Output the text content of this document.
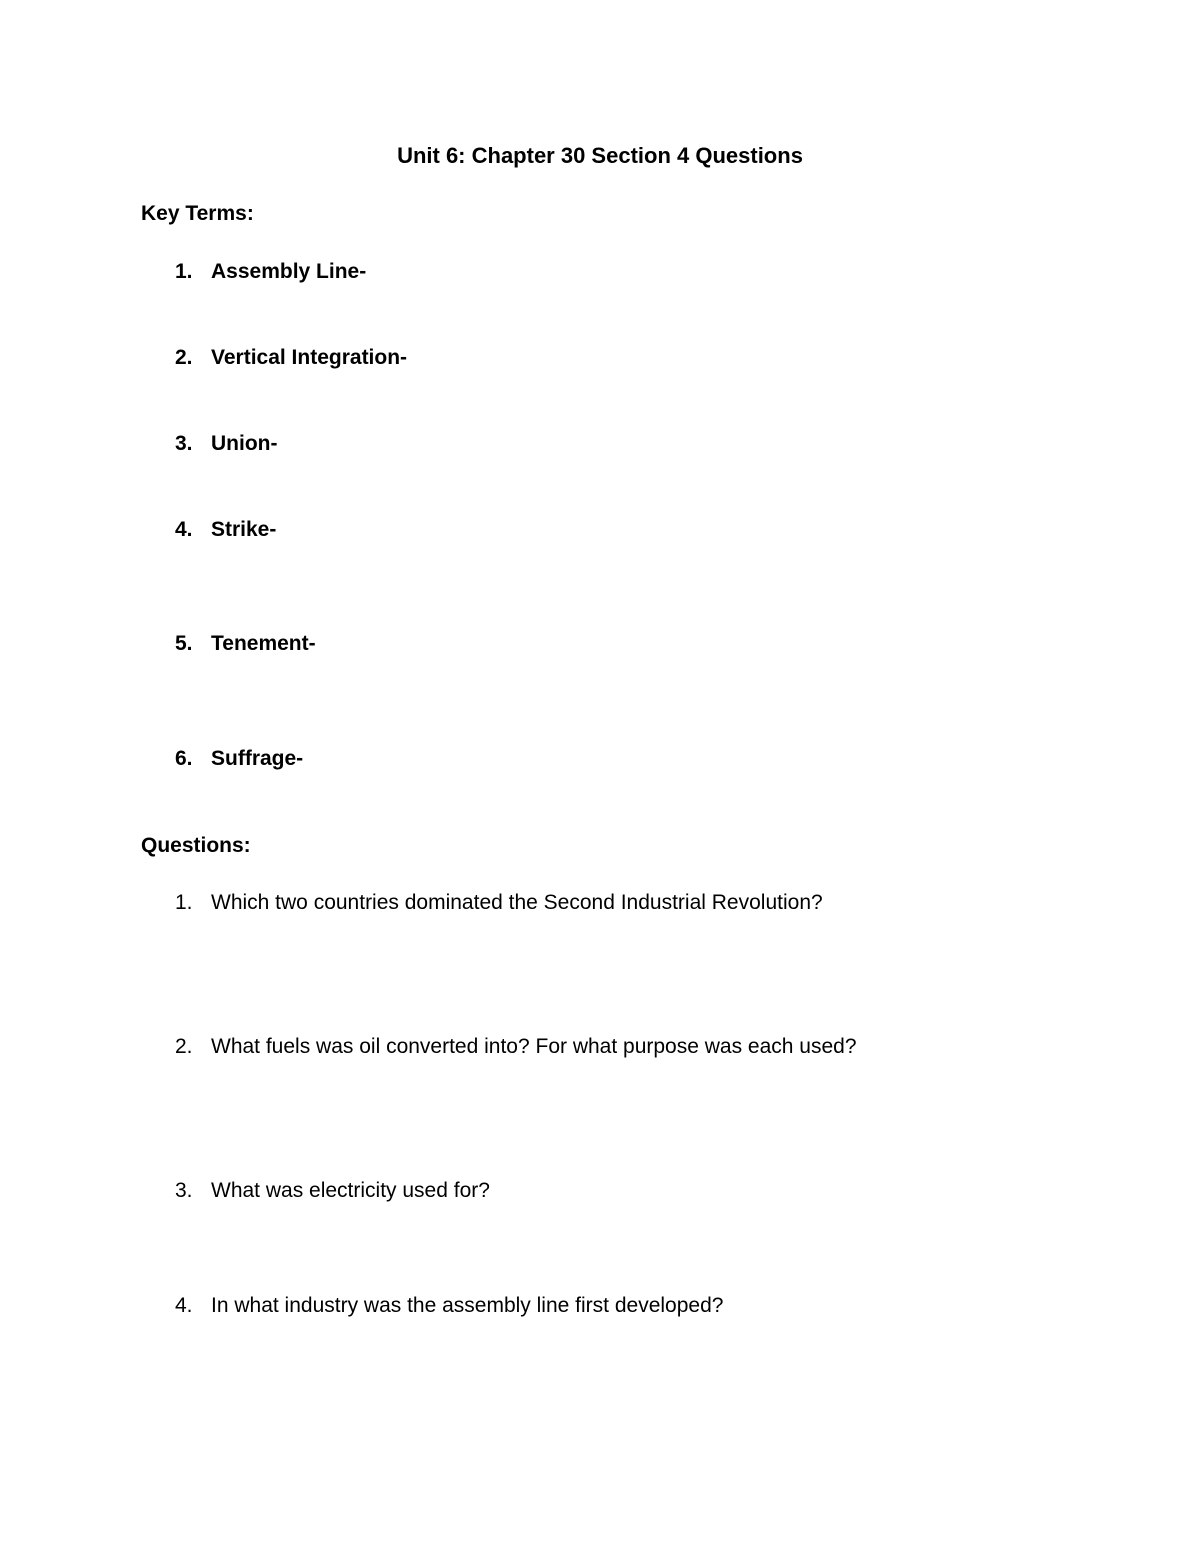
Unit 6: Chapter 30 Section 4 Questions
Key Terms:
1. Assembly Line-
2. Vertical Integration-
3. Union-
4. Strike-
5. Tenement-
6. Suffrage-
Questions:
1. Which two countries dominated the Second Industrial Revolution?
2. What fuels was oil converted into? For what purpose was each used?
3. What was electricity used for?
4. In what industry was the assembly line first developed?
